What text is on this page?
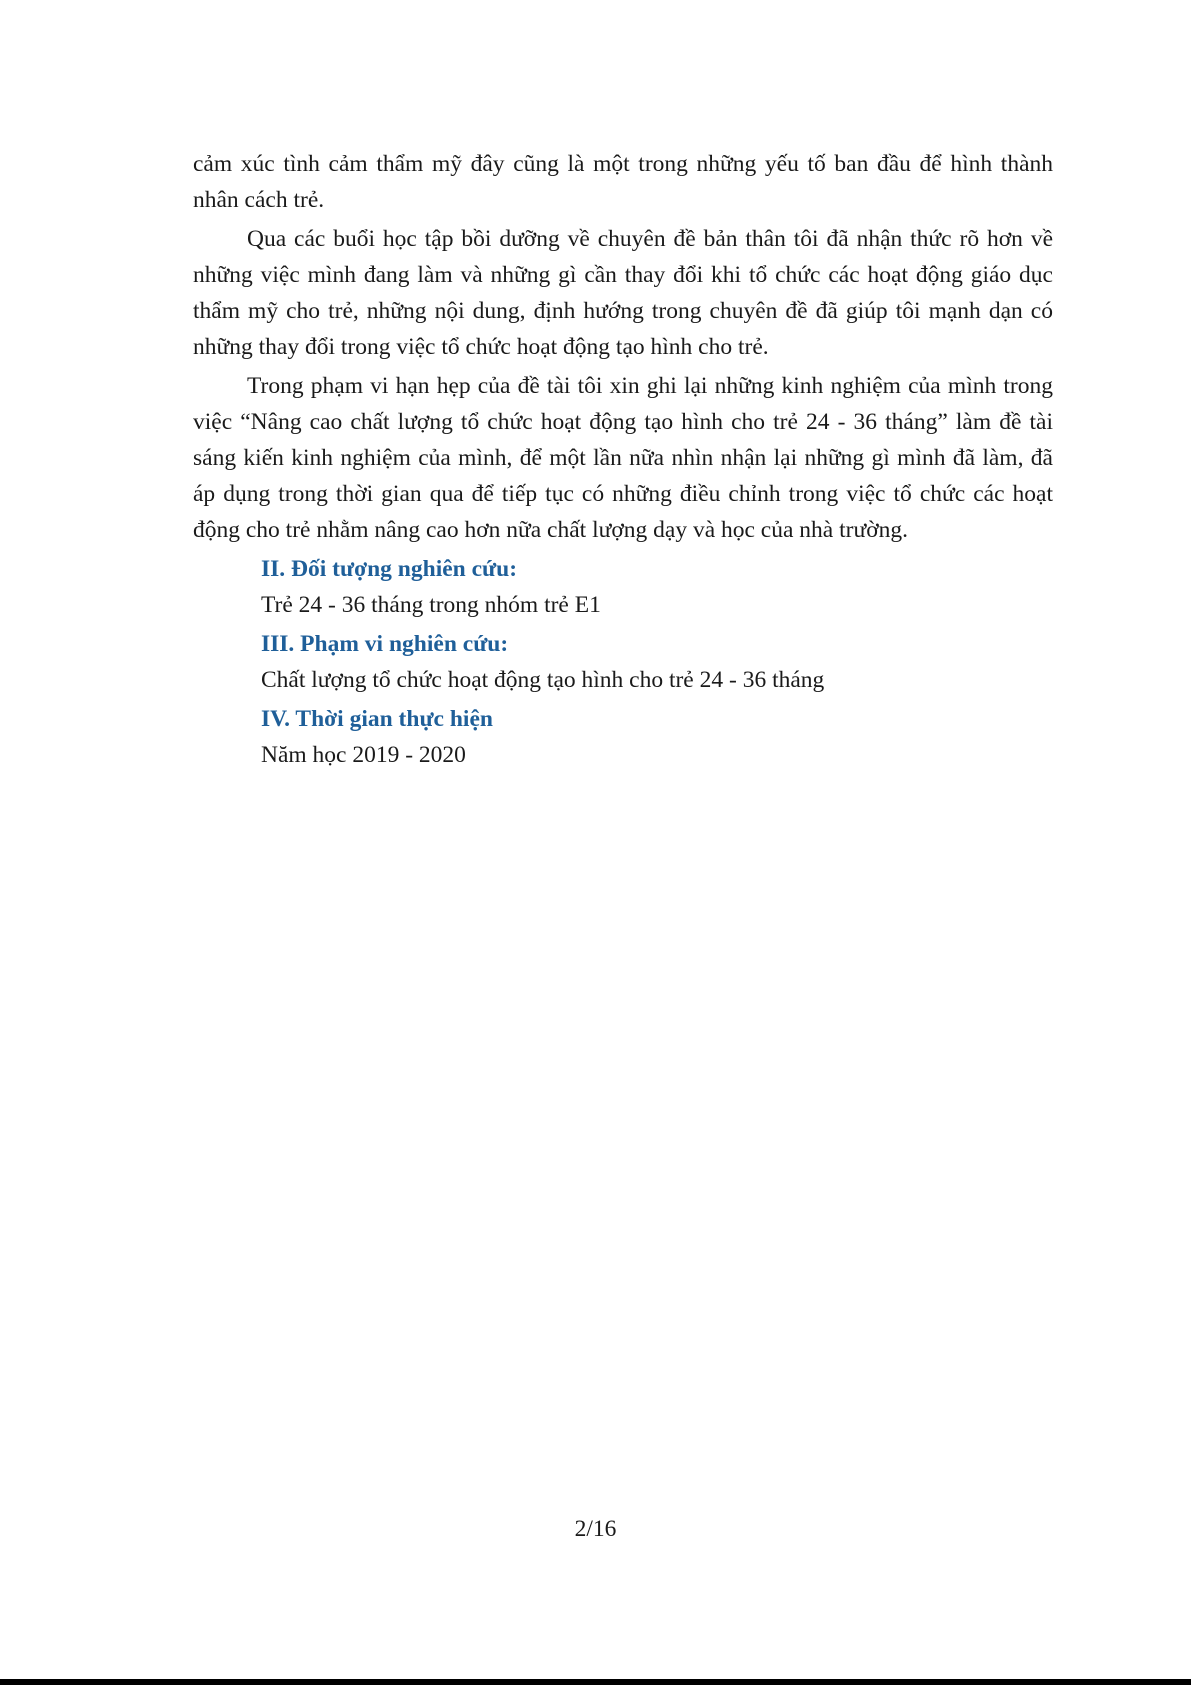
cảm xúc tình cảm thẩm mỹ đây cũng là một trong những yếu tố ban đầu để hình thành nhân cách trẻ.

Qua các buổi học tập bồi dưỡng về chuyên đề bản thân tôi đã nhận thức rõ hơn về những việc mình đang làm và những gì cần thay đổi khi tổ chức các hoạt động giáo dục thẩm mỹ cho trẻ, những nội dung, định hướng trong chuyên đề đã giúp tôi mạnh dạn có những thay đổi trong việc tổ chức hoạt động tạo hình cho trẻ.

Trong phạm vi hạn hẹp của đề tài tôi xin ghi lại những kinh nghiệm của mình trong việc “Nâng cao chất lượng tổ chức hoạt động tạo hình cho trẻ 24 - 36 tháng” làm đề tài sáng kiến kinh nghiệm của mình, để một lần nữa nhìn nhận lại những gì mình đã làm, đã áp dụng trong thời gian qua để tiếp tục có những điều chỉnh trong việc tổ chức các hoạt động cho trẻ nhằm nâng cao hơn nữa chất lượng dạy và học của nhà trường.

II. Đối tượng nghiên cứu:

Trẻ 24 - 36 tháng trong nhóm trẻ E1

III. Phạm vi nghiên cứu:

Chất lượng tổ chức hoạt động tạo hình cho trẻ 24 - 36 tháng

IV. Thời gian thực hiện

Năm học 2019 - 2020

2/16
